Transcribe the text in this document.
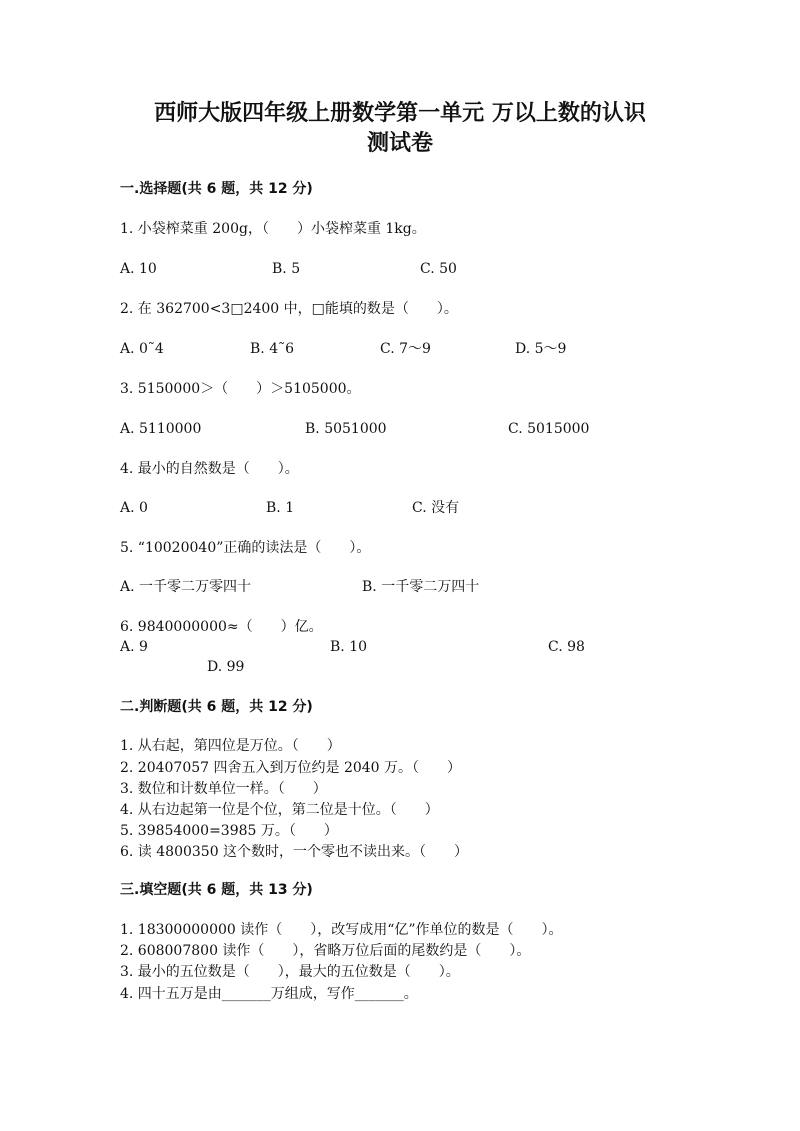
西师大版四年级上册数学第一单元 万以上数的认识
测试卷
一.选择题(共 6 题，共 12 分)
1. 小袋榨菜重 200g，（　　）小袋榨菜重 1kg。
A. 10	B. 5	C. 50
2. 在 362700<3□2400 中，□能填的数是（　　）。
A. 0˜4	B. 4˜6	C. 7～9	D. 5～9
3. 5150000＞（　　）＞5105000。
A. 5110000	B. 5051000	C. 5015000
4. 最小的自然数是（　　）。
A. 0	B. 1	C. 没有
5. “10020040”正确的读法是（　　）。
A. 一千零二万零四十	B. 一千零二万四十
6. 9840000000≈（　　）亿。
A. 9	B. 10	C. 98
D. 99
二.判断题(共 6 题，共 12 分)
1. 从右起，第四位是万位。（　　）
2. 20407057 四舍五入到万位约是 2040 万。（　　）
3. 数位和计数单位一样。（　　）
4. 从右边起第一位是个位，第二位是十位。（　　）
5. 39854000=3985 万。（　　）
6. 读 4800350 这个数时，一个零也不读出来。（　　）
三.填空题(共 6 题，共 13 分)
1. 18300000000 读作（　　），改写成用“亿”作单位的数是（　　）。
2. 608007800 读作（　　），省略万位后面的尾数约是（　　）。
3. 最小的五位数是（　　），最大的五位数是（　　）。
4. 四十五万是由_______万组成，写作_______。
